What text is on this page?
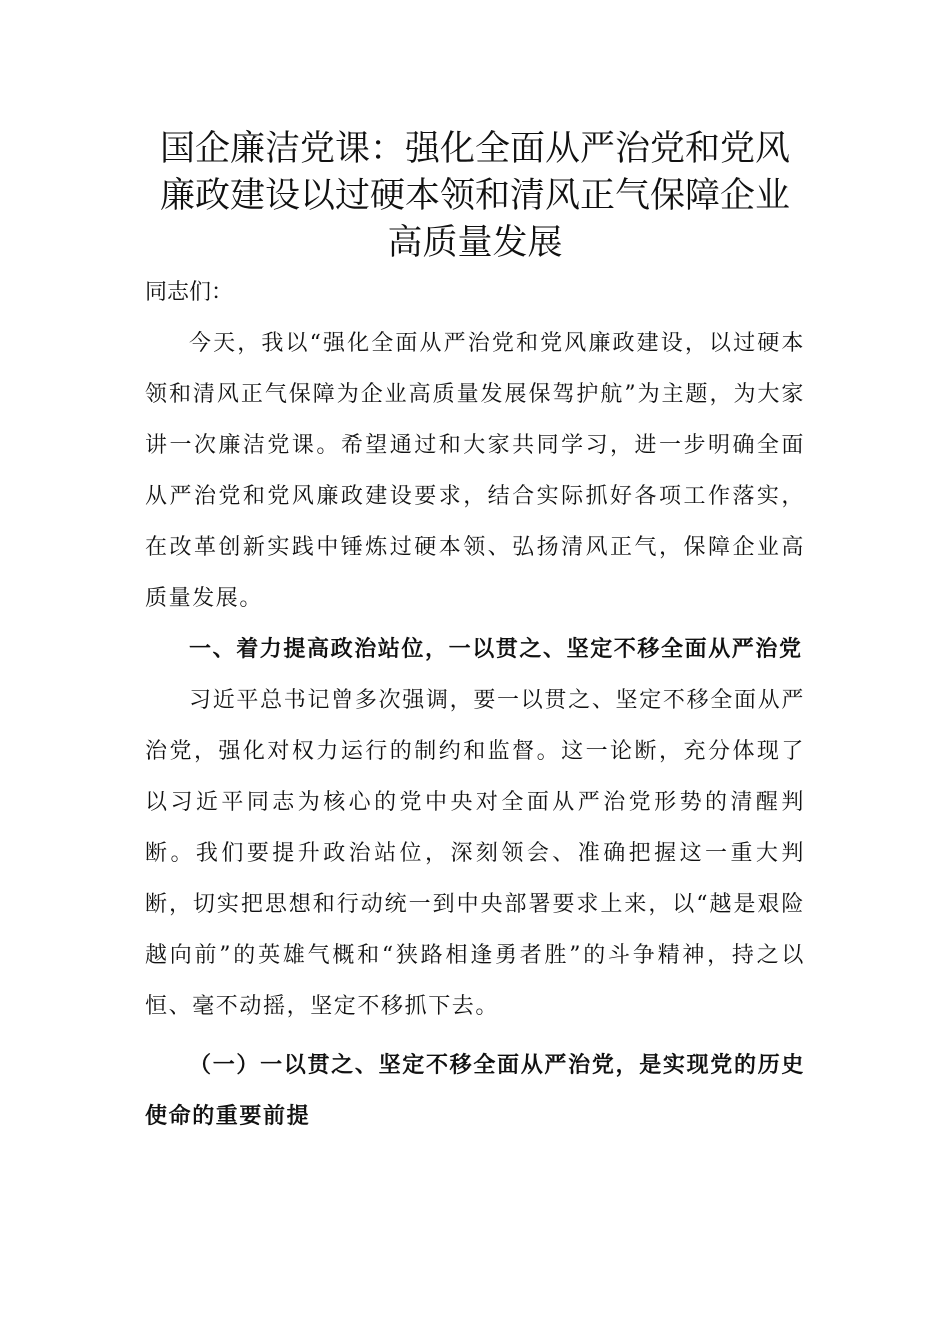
国企廉洁党课：强化全面从严治党和党风
廉政建设以过硬本领和清风正气保障企业
高质量发展

同志们：

今天，我以“强化全面从严治党和党风廉政建设，以过硬本领和清风正气保障为企业高质量发展保驾护航”为主题，为大家讲一次廉洁党课。希望通过和大家共同学习，进一步明确全面从严治党和党风廉政建设要求，结合实际抓好各项工作落实，在改革创新实践中锤炼过硬本领、弘扬清风正气，保障企业高质量发展。

一、着力提高政治站位，一以贯之、坚定不移全面从严治党

习近平总书记曾多次强调，要一以贯之、坚定不移全面从严治党，强化对权力运行的制约和监督。这一论断，充分体现了以习近平同志为核心的党中央对全面从严治党形势的清醒判断。我们要提升政治站位，深刻领会、准确把握这一重大判断，切实把思想和行动统一到中央部署要求上来，以“越是艰险越向前”的英雄气概和“狭路相逢勇者胜”的斗争精神，持之以恒、毫不动摇，坚定不移抓下去。

（一）一以贯之、坚定不移全面从严治党，是实现党的历史使命的重要前提
